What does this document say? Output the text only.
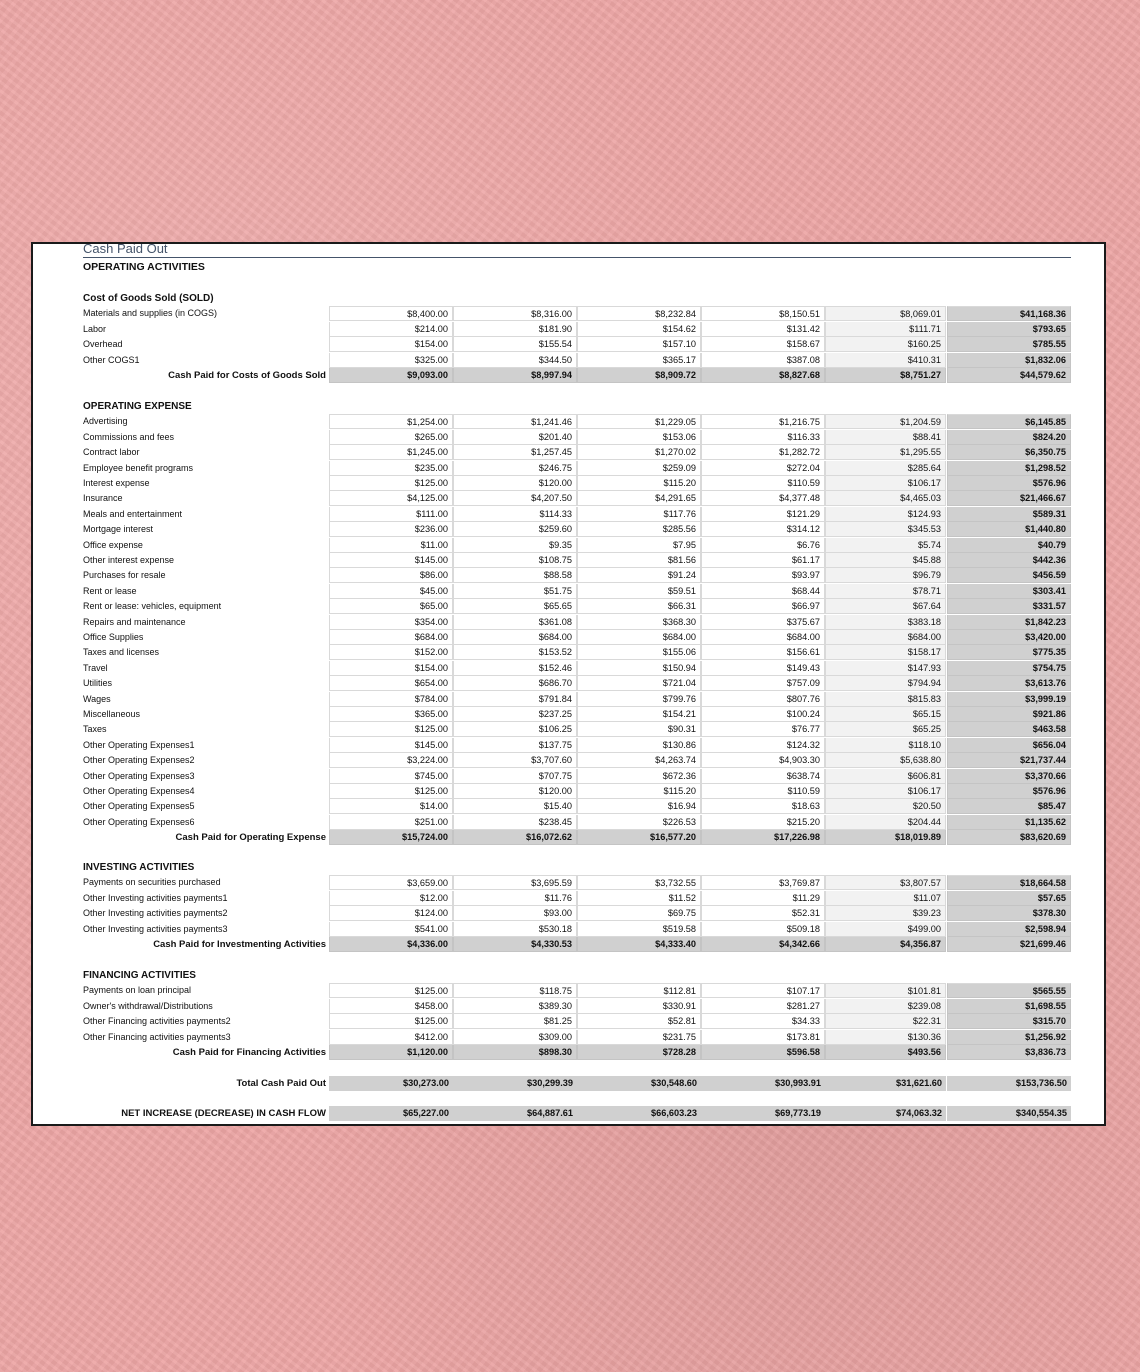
Cash Paid Out
OPERATING ACTIVITIES
Cost of Goods Sold (SOLD)
Materials and supplies (in COGS)	$8,400.00	$8,316.00	$8,232.84	$8,150.51	$8,069.01	$41,168.36
Labor	$214.00	$181.90	$154.62	$131.42	$111.71	$793.65
Overhead	$154.00	$155.54	$157.10	$158.67	$160.25	$785.55
Other COGS1	$325.00	$344.50	$365.17	$387.08	$410.31	$1,832.06
Cash Paid for Costs of Goods Sold	$9,093.00	$8,997.94	$8,909.72	$8,827.68	$8,751.27	$44,579.62
OPERATING EXPENSE
Advertising	$1,254.00	$1,241.46	$1,229.05	$1,216.75	$1,204.59	$6,145.85
Commissions and fees	$265.00	$201.40	$153.06	$116.33	$88.41	$824.20
Contract labor	$1,245.00	$1,257.45	$1,270.02	$1,282.72	$1,295.55	$6,350.75
Employee benefit programs	$235.00	$246.75	$259.09	$272.04	$285.64	$1,298.52
Interest expense	$125.00	$120.00	$115.20	$110.59	$106.17	$576.96
Insurance	$4,125.00	$4,207.50	$4,291.65	$4,377.48	$4,465.03	$21,466.67
Meals and entertainment	$111.00	$114.33	$117.76	$121.29	$124.93	$589.31
Mortgage interest	$236.00	$259.60	$285.56	$314.12	$345.53	$1,440.80
Office expense	$11.00	$9.35	$7.95	$6.76	$5.74	$40.79
Other interest expense	$145.00	$108.75	$81.56	$61.17	$45.88	$442.36
Purchases for resale	$86.00	$88.58	$91.24	$93.97	$96.79	$456.59
Rent or lease	$45.00	$51.75	$59.51	$68.44	$78.71	$303.41
Rent or lease: vehicles, equipment	$65.00	$65.65	$66.31	$66.97	$67.64	$331.57
Repairs and maintenance	$354.00	$361.08	$368.30	$375.67	$383.18	$1,842.23
Office Supplies	$684.00	$684.00	$684.00	$684.00	$684.00	$3,420.00
Taxes and licenses	$152.00	$153.52	$155.06	$156.61	$158.17	$775.35
Travel	$154.00	$152.46	$150.94	$149.43	$147.93	$754.75
Utilities	$654.00	$686.70	$721.04	$757.09	$794.94	$3,613.76
Wages	$784.00	$791.84	$799.76	$807.76	$815.83	$3,999.19
Miscellaneous	$365.00	$237.25	$154.21	$100.24	$65.15	$921.86
Taxes	$125.00	$106.25	$90.31	$76.77	$65.25	$463.58
Other Operating Expenses1	$145.00	$137.75	$130.86	$124.32	$118.10	$656.04
Other Operating Expenses2	$3,224.00	$3,707.60	$4,263.74	$4,903.30	$5,638.80	$21,737.44
Other Operating Expenses3	$745.00	$707.75	$672.36	$638.74	$606.81	$3,370.66
Other Operating Expenses4	$125.00	$120.00	$115.20	$110.59	$106.17	$576.96
Other Operating Expenses5	$14.00	$15.40	$16.94	$18.63	$20.50	$85.47
Other Operating Expenses6	$251.00	$238.45	$226.53	$215.20	$204.44	$1,135.62
Cash Paid for Operating Expense	$15,724.00	$16,072.62	$16,577.20	$17,226.98	$18,019.89	$83,620.69
INVESTING ACTIVITIES
Payments on securities purchased	$3,659.00	$3,695.59	$3,732.55	$3,769.87	$3,807.57	$18,664.58
Other Investing activities payments1	$12.00	$11.76	$11.52	$11.29	$11.07	$57.65
Other Investing activities payments2	$124.00	$93.00	$69.75	$52.31	$39.23	$378.30
Other Investing activities payments3	$541.00	$530.18	$519.58	$509.18	$499.00	$2,598.94
Cash Paid for Investmenting Activities	$4,336.00	$4,330.53	$4,333.40	$4,342.66	$4,356.87	$21,699.46
FINANCING ACTIVITIES
Payments on loan principal	$125.00	$118.75	$112.81	$107.17	$101.81	$565.55
Owner's withdrawal/Distributions	$458.00	$389.30	$330.91	$281.27	$239.08	$1,698.55
Other Financing activities payments2	$125.00	$81.25	$52.81	$34.33	$22.31	$315.70
Other Financing activities payments3	$412.00	$309.00	$231.75	$173.81	$130.36	$1,256.92
Cash Paid for Financing Activities	$1,120.00	$898.30	$728.28	$596.58	$493.56	$3,836.73
Total Cash Paid Out	$30,273.00	$30,299.39	$30,548.60	$30,993.91	$31,621.60	$153,736.50
NET INCREASE (DECREASE) IN CASH FLOW	$65,227.00	$64,887.61	$66,603.23	$69,773.19	$74,063.32	$340,554.35
